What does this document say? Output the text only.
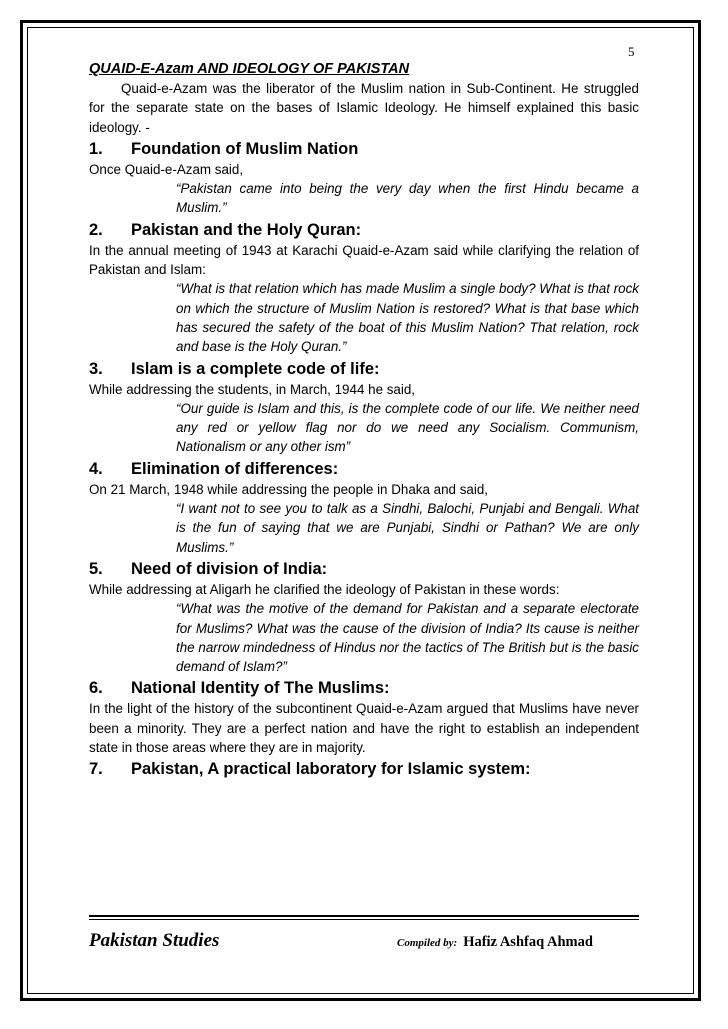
5
QUAID-E-Azam AND IDEOLOGY OF PAKISTAN

Quaid-e-Azam was the liberator of the Muslim nation in Sub-Continent. He struggled for the separate state on the bases of Islamic Ideology. He himself explained this basic ideology. -

1.	Foundation of Muslim Nation

Once Quaid-e-Azam said,

“Pakistan came into being the very day when the first Hindu became a Muslim.”

2.	Pakistan and the Holy Quran:

In the annual meeting of 1943 at Karachi Quaid-e-Azam said while clarifying the relation of Pakistan and Islam:

“What is that relation which has made Muslim a single body? What is that rock on which the structure of Muslim Nation is restored? What is that base which has secured the safety of the boat of this Muslim Nation? That relation, rock and base is the Holy Quran.”

3.	Islam is a complete code of life:

While addressing the students, in March, 1944 he said,

“Our guide is Islam and this, is the complete code of our life. We neither need any red or yellow flag nor do we need any Socialism. Communism, Nationalism or any other ism”

4.	Elimination of differences:

On 21 March, 1948 while addressing the people in Dhaka and said,

“I want not to see you to talk as a Sindhi, Balochi, Punjabi and Bengali. What is the fun of saying that we are Punjabi, Sindhi or Pathan? We are only Muslims.”

5.	Need of division of India:

While addressing at Aligarh he clarified the ideology of Pakistan in these words:

“What was the motive of the demand for Pakistan and a separate electorate for Muslims? What was the cause of the division of India? Its cause is neither the narrow mindedness of Hindus nor the tactics of The British but is the basic demand of Islam?”

6.	National Identity of The Muslims:

In the light of the history of the subcontinent Quaid-e-Azam argued that Muslims have never been a minority. They are a perfect nation and have the right to establish an independent state in those areas where they are in majority.

7.	Pakistan, A practical laboratory for Islamic system:
Pakistan Studies	Compiled by: Hafiz Ashfaq Ahmad
